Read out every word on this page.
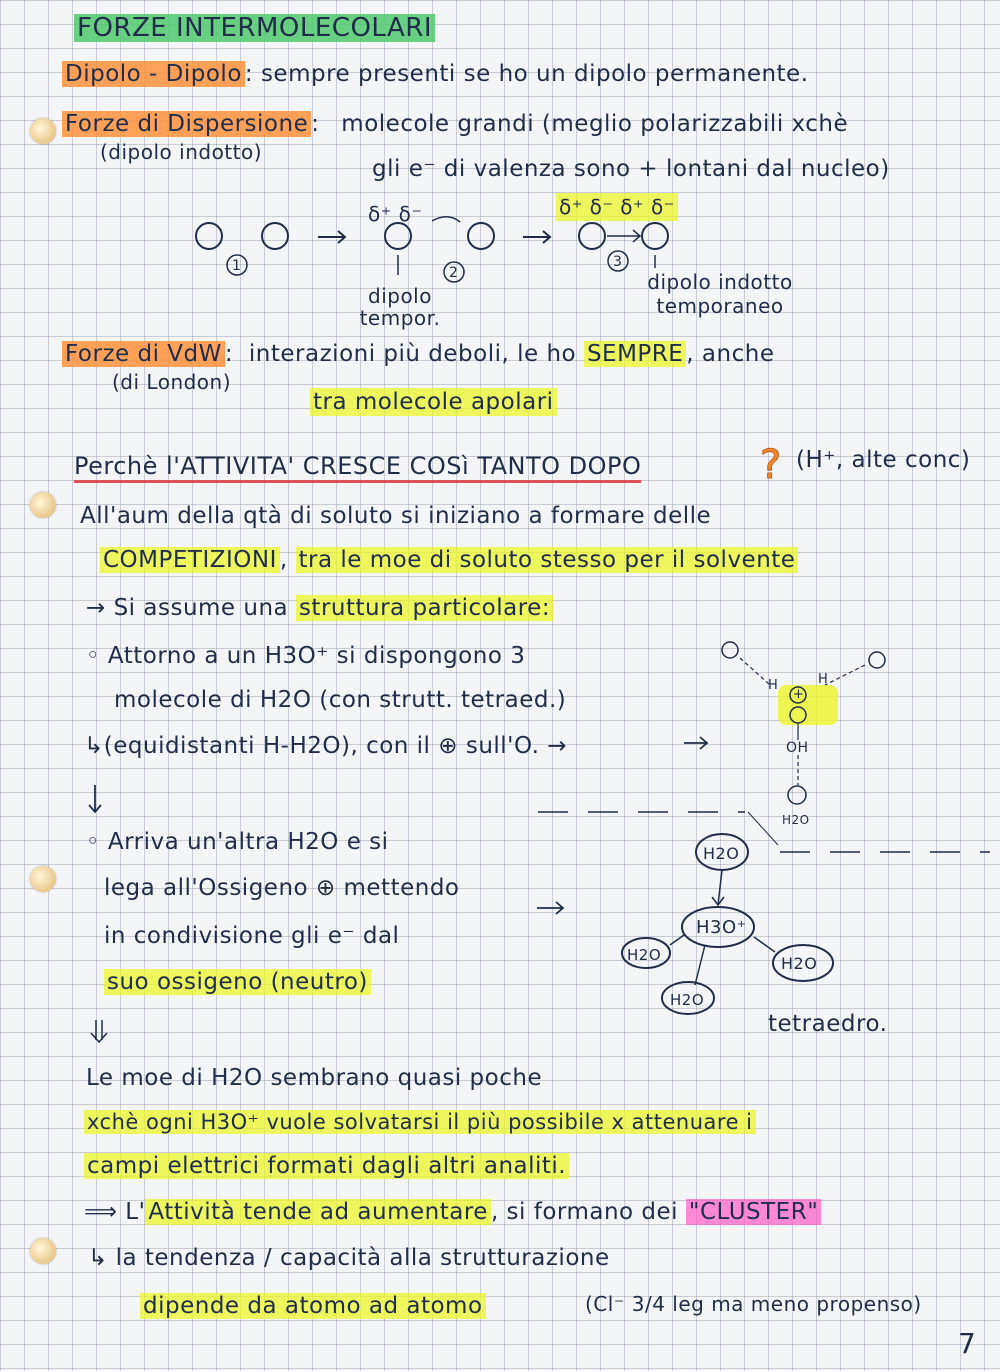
?
FORZE INTERMOLECOLARI
Dipolo - Dipolo : sempre presenti se ho un dipolo permanente.
Forze di Dispersione : molecole grandi (meglio polarizzabili xchè
(dipolo indotto)
gli e⁻ di valenza sono + lontani dal nucleo)
δ⁺ δ⁻	δ⁺ δ⁻ δ⁺ δ⁻
1	2
3
dipolo tempor.
dipolo indotto temporaneo
Forze di VdW : interazioni più deboli, le ho SEMPRE , anche
(di London)
tra molecole apolari
Perchè l'ATTIVITA' CRESCE COSì TANTO DOPO	(H⁺, alte conc)
All'aum della qtà di soluto si iniziano a formare delle
COMPETIZIONI , tra le moe di soluto stesso per il solvente
→ Si assume una struttura particolare:
◦ Attorno a un H3O⁺ si dispongono 3
molecole di H2O (con strutt. tetraed.)
↳(equidistanti H-H2O), con il ⊕ sull'O. →
H	H
+
OH
H2O
◦ Arriva un'altra H2O e si
lega all'Ossigeno ⊕ mettendo
in condivisione gli e⁻ dal
suo ossigeno (neutro)
H2O
H3O⁺
H2O	H2O
H2O
tetraedro.
Le moe di H2O sembrano quasi poche
xchè ogni H3O⁺ vuole solvatarsi il più possibile x attenuare i
campi elettrici formati dagli altri analiti.
⟹ L' Attività tende ad aumentare , si formano dei "CLUSTER"
↳ la tendenza / capacità alla strutturazione
dipende da atomo ad atomo	(Cl⁻ 3/4 leg ma meno propenso)
7
